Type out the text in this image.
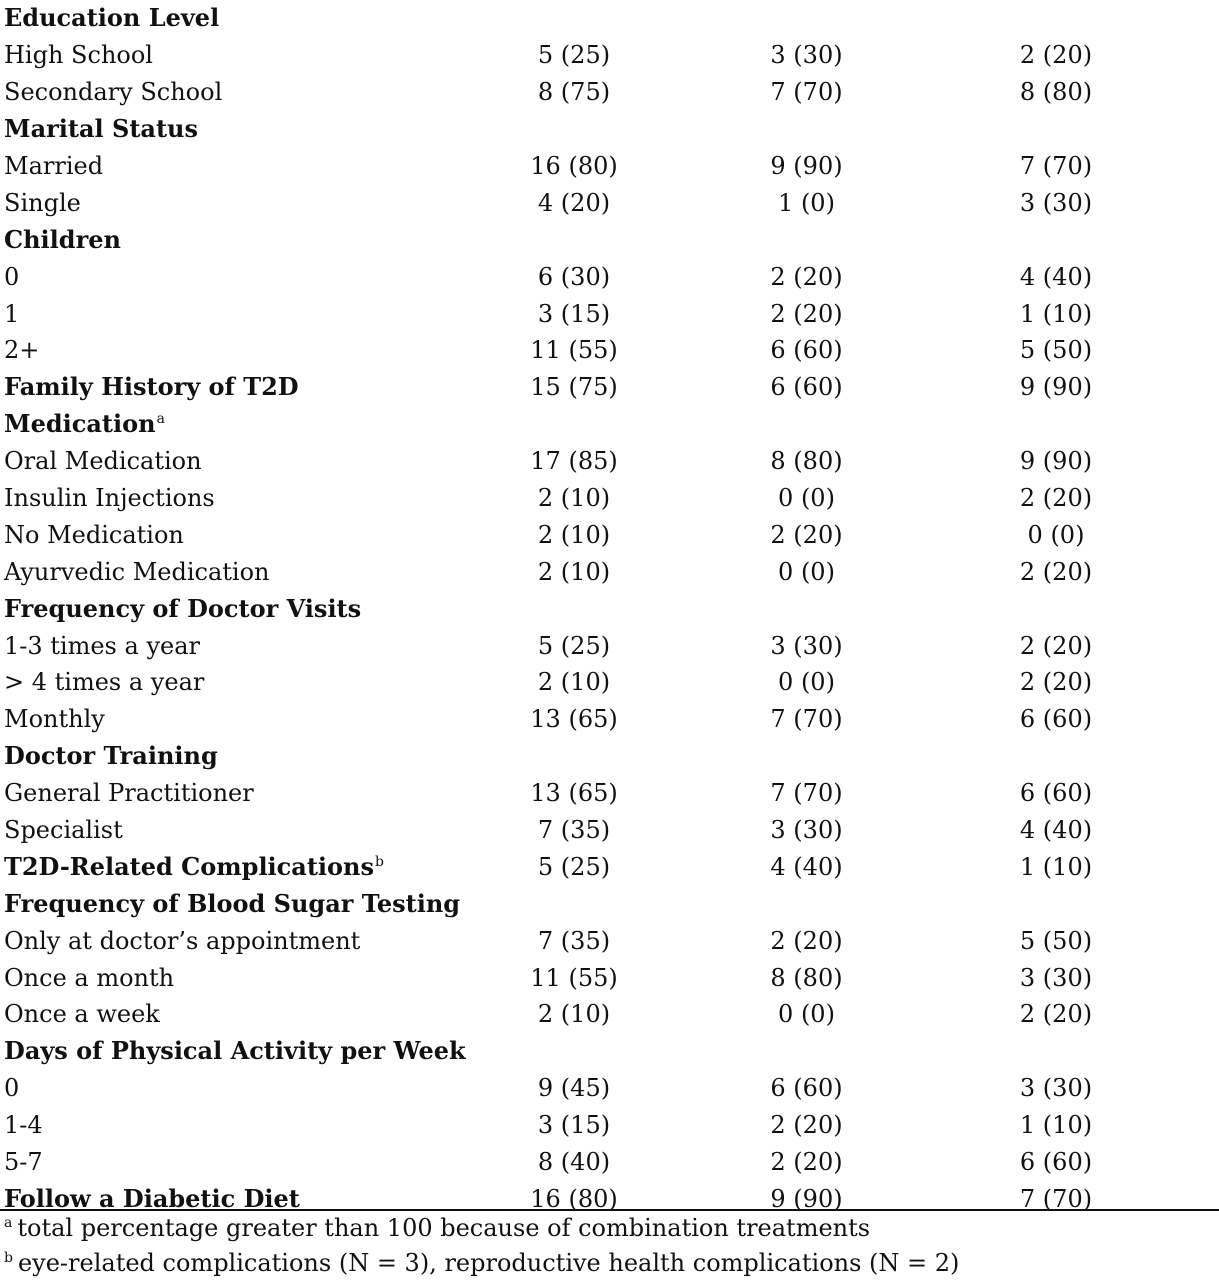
Education Level			
High School	5 (25)	3 (30)	2 (20)
Secondary School	8 (75)	7 (70)	8 (80)
Marital Status			
Married	16 (80)	9 (90)	7 (70)
Single	4 (20)	1 (0)	3 (30)
Children			
0	6 (30)	2 (20)	4 (40)
1	3 (15)	2 (20)	1 (10)
2+	11 (55)	6 (60)	5 (50)
Family History of T2D	15 (75)	6 (60)	9 (90)
Medication$^a$			
Oral Medication	17 (85)	8 (80)	9 (90)
Insulin Injections	2 (10)	0 (0)	2 (20)
No Medication	2 (10)	2 (20)	0 (0)
Ayurvedic Medication	2 (10)	0 (0)	2 (20)
Frequency of Doctor Visits			
1-3 times a year	5 (25)	3 (30)	2 (20)
> 4 times a year	2 (10)	0 (0)	2 (20)
Monthly	13 (65)	7 (70)	6 (60)
Doctor Training			
General Practitioner	13 (65)	7 (70)	6 (60)
Specialist	7 (35)	3 (30)	4 (40)
T2D-Related Complications$^b$	5 (25)	4 (40)	1 (10)
Frequency of Blood Sugar Testing			
Only at doctor’s appointment	7 (35)	2 (20)	5 (50)
Once a month	11 (55)	8 (80)	3 (30)
Once a week	2 (10)	0 (0)	2 (20)
Days of Physical Activity per Week			
0	9 (45)	6 (60)	3 (30)
1-4	3 (15)	2 (20)	1 (10)
5-7	8 (40)	2 (20)	6 (60)
Follow a Diabetic Diet	16 (80)	9 (90)	7 (70)
$^a$ total percentage greater than 100 because of combination treatments
$^b$ eye-related complications (N = 3), reproductive health complications (N = 2)
